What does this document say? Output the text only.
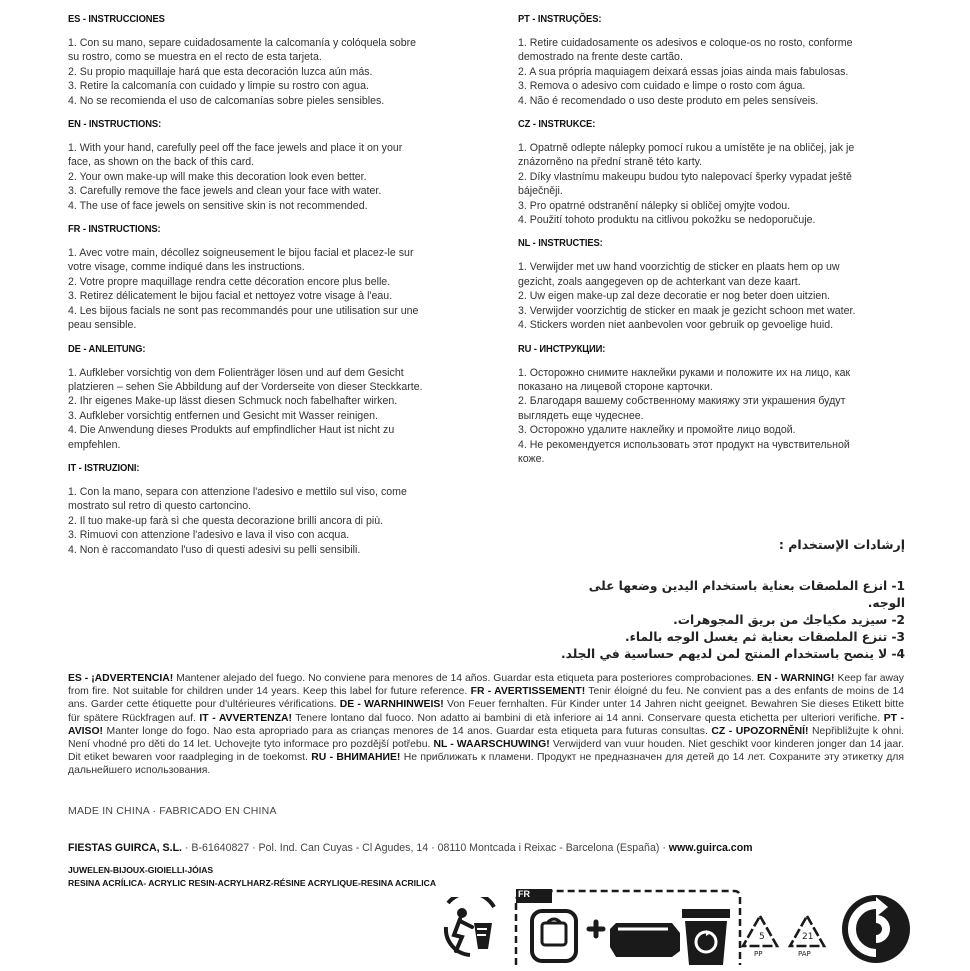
ES - INSTRUCCIONES
1. Con su mano, separe cuidadosamente la calcomanía y colóquela sobre
su rostro, como se muestra en el recto de esta tarjeta.
2. Su propio maquillaje hará que esta decoración luzca aún más.
3. Retire la calcomanía con cuidado y limpie su rostro con agua.
4. No se recomienda el uso de calcomanías sobre pieles sensibles.
EN - INSTRUCTIONS:
1. With your hand, carefully peel off the face jewels and place it on your
face, as shown on the back of this card.
2. Your own make-up will make this decoration look even better.
3. Carefully remove the face jewels and clean your face with water.
4. The use of face jewels on sensitive skin is not recommended.
FR - INSTRUCTIONS:
1. Avec votre main, décollez soigneusement le bijou facial et placez-le sur
votre visage, comme indiqué dans les instructions.
2. Votre propre maquillage rendra cette décoration encore plus belle.
3. Retirez délicatement le bijou facial et nettoyez votre visage à l'eau.
4. Les bijous facials ne sont pas recommandés pour une utilisation sur une
peau sensible.
DE - ANLEITUNG:
1. Aufkleber vorsichtig von dem Folienträger lösen und auf dem Gesicht
platzieren – sehen Sie Abbildung auf der Vorderseite von dieser Steckkarte.
2. Ihr eigenes Make-up lässt diesen Schmuck noch fabelhafter wirken.
3. Aufkleber vorsichtig entfernen und Gesicht mit Wasser reinigen.
4. Die Anwendung dieses Produkts auf empfindlicher Haut ist nicht zu
empfehlen.
IT - ISTRUZIONI:
1. Con la mano, separa con attenzione l'adesivo e mettilo sul viso, come
mostrato sul retro di questo cartoncino.
2. Il tuo make-up farà sì che questa decorazione brilli ancora di più.
3. Rimuovi con attenzione l'adesivo e lava il viso con acqua.
4. Non è raccomandato l'uso di questi adesivi su pelli sensibili.
PT - INSTRUÇÕES:
1. Retire cuidadosamente os adesivos e coloque-os no rosto, conforme
demostrado na frente deste cartão.
2. A sua própria maquiagem deixará essas joias ainda mais fabulosas.
3. Remova o adesivo com cuidado e limpe o rosto com água.
4. Não é recomendado o uso deste produto em peles sensíveis.
CZ - INSTRUKCE:
1. Opatrně odlepte nálepky pomocí rukou a umístěte je na obličej, jak je
znázorněno na přední straně této karty.
2. Díky vlastnímu makeupu budou tyto nalepovací šperky vypadat ještě
báječněji.
3. Pro opatrné odstranění nálepky si obličej omyjte vodou.
4. Použití tohoto produktu na citlivou pokožku se nedoporučuje.
NL - INSTRUCTIES:
1. Verwijder met uw hand voorzichtig de sticker en plaats hem op uw
gezicht, zoals aangegeven op de achterkant van deze kaart.
2. Uw eigen make-up zal deze decoratie er nog beter doen uitzien.
3. Verwijder voorzichtig de sticker en maak je gezicht schoon met water.
4. Stickers worden niet aanbevolen voor gebruik op gevoelige huid.
RU - ИНСТРУКЦИИ:
1. Осторожно снимите наклейки руками и положите их на лицо, как
показано на лицевой стороне карточки.
2. Благодаря вашему собственному макияжу эти украшения будут
выглядеть еще чудеснее.
3. Осторожно удалите наклейку и промойте лицо водой.
4. Не рекомендуется использовать этот продукт на чувствительной
коже.
إرشادات الإستخدام :
1- انزع الملصقات بعناية باستخدام اليدين وضعها على الوجه.
2- سيزيد مكياجك من بريق المجوهرات.
3- تنزع الملصقات بعناية ثم يغسل الوجه بالماء.
4- لا ينصح باستخدام المنتج لمن لديهم حساسية في الجلد.
ES - ¡ADVERTENCIA! Mantener alejado del fuego. No conviene para menores de 14 años. Guardar esta etiqueta para posteriores comprobaciones. EN - WARNING! Keep far away from fire. Not suitable for children under 14 years. Keep this label for future reference. FR - AVERTISSEMENT! Tenir éloigné du feu. Ne convient pas a des enfants de moins de 14 ans. Garder cette étiquette pour d'ultérieures vérifications. DE - WARNHINWEIS! Von Feuer fernhalten. Für Kinder unter 14 Jahren nicht geeignet. Bewahren Sie dieses Etikett bitte für spätere Rückfragen auf. IT - AVVERTENZA! Tenere lontano dal fuoco. Non adatto ai bambini di età inferiore ai 14 anni. Conservare questa etichetta per ulteriori verifiche. PT - AVISO! Manter longe do fogo. Nao esta apropriado para as crianças menores de 14 anos. Guardar esta etiqueta para futuras consultas. CZ - UPOZORNĚNÍ! Nepřibližujte k ohni. Není vhodné pro děti do 14 let. Uchovejte tyto informace pro pozdější potřebu. NL - WAARSCHUWING! Verwijderd van vuur houden. Niet geschikt voor kinderen jonger dan 14 jaar. Dit etiket bewaren voor raadpleging in de toekomst. RU - ВНИМАНИЕ! Не приближать к пламени. Продукт не предназначен для детей до 14 лет. Сохраните эту этикетку для дальнейшего использования.
MADE IN CHINA · FABRICADO EN CHINA
FIESTAS GUIRCA, S.L. · B-61640827 · Pol. Ind. Can Cuyas - Cl Agudes, 14 · 08110 Montcada i Reixac - Barcelona (España) · www.guirca.com
JUWELEN-BIJOUX-GIOIELLI-JÓIAS
RESINA ACRÍLICA- ACRYLIC RESIN-ACRYLHARZ-RÉSINE ACRYLIQUE-RESINA ACRILICA
5
PP
21
PAP
FR
